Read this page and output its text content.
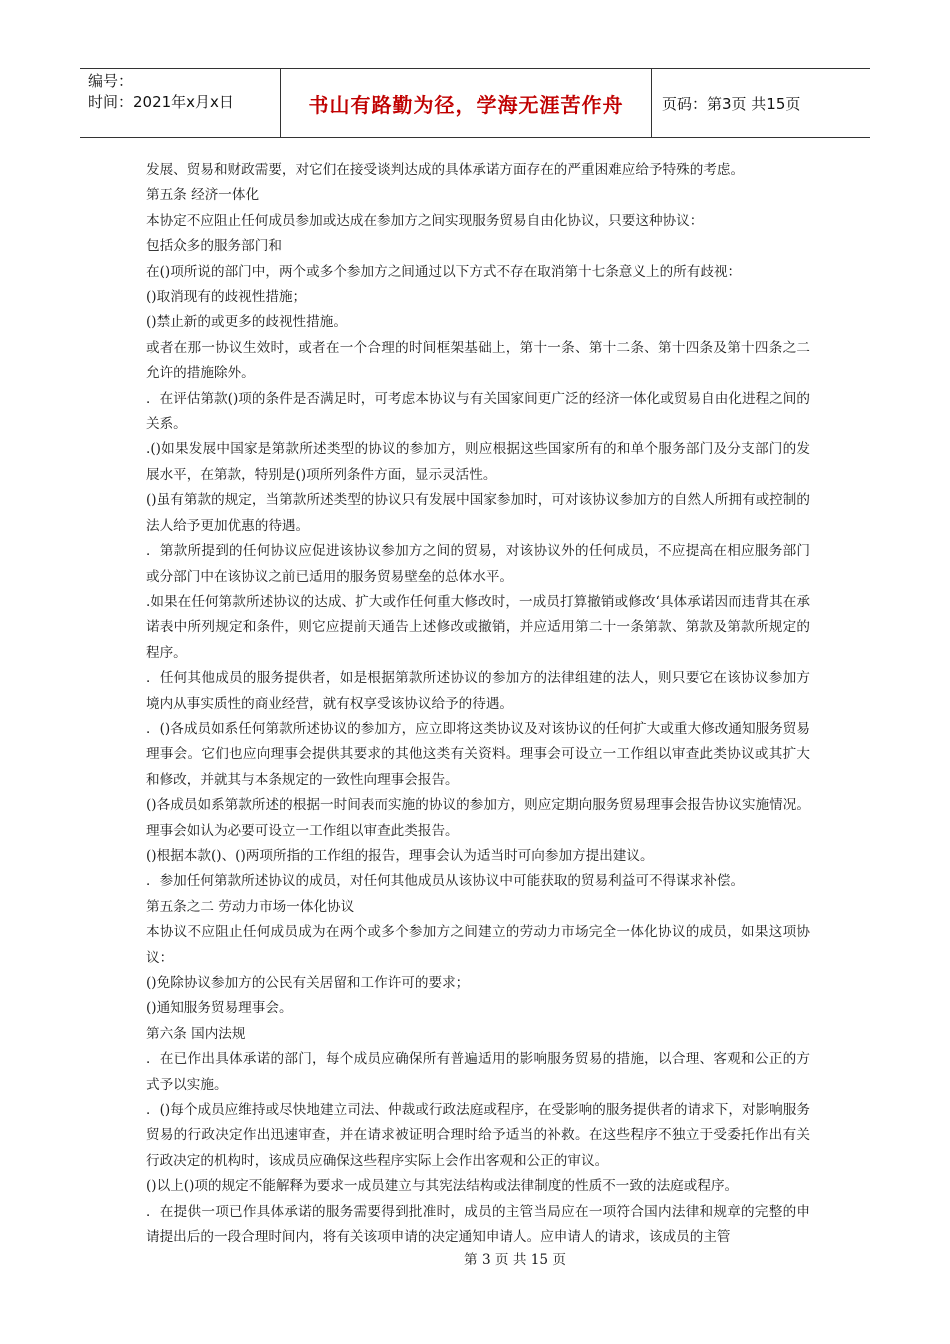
编号：
时间：2021年x月x日	书山有路勤为径，学海无涯苦作舟	页码：第3页 共15页

发展、贸易和财政需要，对它们在接受谈判达成的具体承诺方面存在的严重困难应给予特殊的考虑。

第五条 经济一体化

本协定不应阻止任何成员参加或达成在参加方之间实现服务贸易自由化协议，只要这种协议：

包括众多的服务部门和

在()项所说的部门中，两个或多个参加方之间通过以下方式不存在取消第十七条意义上的所有歧视：

()取消现有的歧视性措施；

()禁止新的或更多的歧视性措施。

或者在那一协议生效时，或者在一个合理的时间框架基础上，第十一条、第十二条、第十四条及第十四条之二允许的措施除外。

．在评估第款()项的条件是否满足时，可考虑本协议与有关国家间更广泛的经济一体化或贸易自由化进程之间的关系。

.()如果发展中国家是第款所述类型的协议的参加方，则应根据这些国家所有的和单个服务部门及分支部门的发展水平，在第款，特别是()项所列条件方面，显示灵活性。

()虽有第款的规定，当第款所述类型的协议只有发展中国家参加时，可对该协议参加方的自然人所拥有或控制的法人给予更加优惠的待遇。

．第款所提到的任何协议应促进该协议参加方之间的贸易，对该协议外的任何成员，不应提高在相应服务部门或分部门中在该协议之前已适用的服务贸易壁垒的总体水平。

.如果在任何第款所述协议的达成、扩大或作任何重大修改时，一成员打算撤销或修改‘具体承诺因而违背其在承诺表中所列规定和条件，则它应提前天通告上述修改或撤销，并应适用第二十一条第款、第款及第款所规定的程序。

．任何其他成员的服务提供者，如是根据第款所述协议的参加方的法律组建的法人，则只要它在该协议参加方境内从事实质性的商业经营，就有权享受该协议给予的待遇。

．()各成员如系任何第款所述协议的参加方，应立即将这类协议及对该协议的任何扩大或重大修改通知服务贸易理事会。它们也应向理事会提供其要求的其他这类有关资料。理事会可设立一工作组以审查此类协议或其扩大和修改，并就其与本条规定的一致性向理事会报告。

()各成员如系第款所述的根据一时间表而实施的协议的参加方，则应定期向服务贸易理事会报告协议实施情况。理事会如认为必要可设立一工作组以审查此类报告。

()根据本款()、()两项所指的工作组的报告，理事会认为适当时可向参加方提出建议。

．参加任何第款所述协议的成员，对任何其他成员从该协议中可能获取的贸易利益可不得谋求补偿。

第五条之二 劳动力市场一体化协议

本协议不应阻止任何成员成为在两个或多个参加方之间建立的劳动力市场完全一体化协议的成员，如果这项协议：

()免除协议参加方的公民有关居留和工作许可的要求；

()通知服务贸易理事会。

第六条 国内法规

．在已作出具体承诺的部门，每个成员应确保所有普遍适用的影响服务贸易的措施，以合理、客观和公正的方式予以实施。

．()每个成员应维持或尽快地建立司法、仲裁或行政法庭或程序，在受影响的服务提供者的请求下，对影响服务贸易的行政决定作出迅速审查，并在请求被证明合理时给予适当的补救。在这些程序不独立于受委托作出有关行政决定的机构时，该成员应确保这些程序实际上会作出客观和公正的审议。

()以上()项的规定不能解释为要求一成员建立与其宪法结构或法律制度的性质不一致的法庭或程序。

．在提供一项已作具体承诺的服务需要得到批准时，成员的主管当局应在一项符合国内法律和规章的完整的申请提出后的一段合理时间内，将有关该项申请的决定通知申请人。应申请人的请求，该成员的主管

第 3 页 共 15 页
